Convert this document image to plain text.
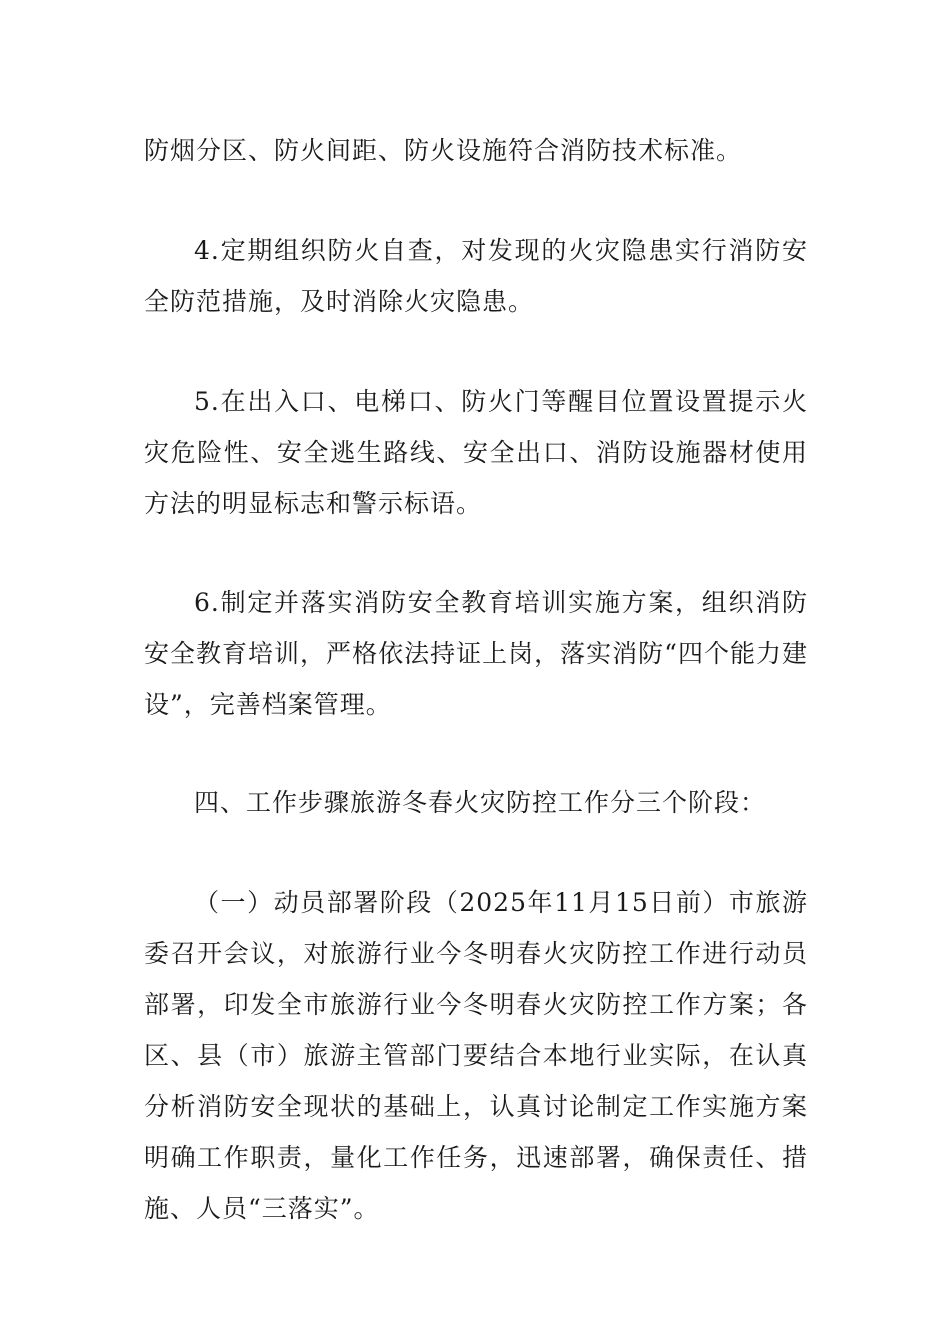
防烟分区、防火间距、防火设施符合消防技术标准。

4.定期组织防火自查，对发现的火灾隐患实行消防安全防范措施，及时消除火灾隐患。

5.在出入口、电梯口、防火门等醒目位置设置提示火灾危险性、安全逃生路线、安全出口、消防设施器材使用方法的明显标志和警示标语。

6.制定并落实消防安全教育培训实施方案，组织消防安全教育培训，严格依法持证上岗，落实消防“四个能力建设”，完善档案管理。

四、工作步骤旅游冬春火灾防控工作分三个阶段：

（一）动员部署阶段（2025年11月15日前）市旅游委召开会议，对旅游行业今冬明春火灾防控工作进行动员部署，印发全市旅游行业今冬明春火灾防控工作方案；各区、县（市）旅游主管部门要结合本地行业实际，在认真分析消防安全现状的基础上，认真讨论制定工作实施方案明确工作职责，量化工作任务，迅速部署，确保责任、措施、人员“三落实”。
